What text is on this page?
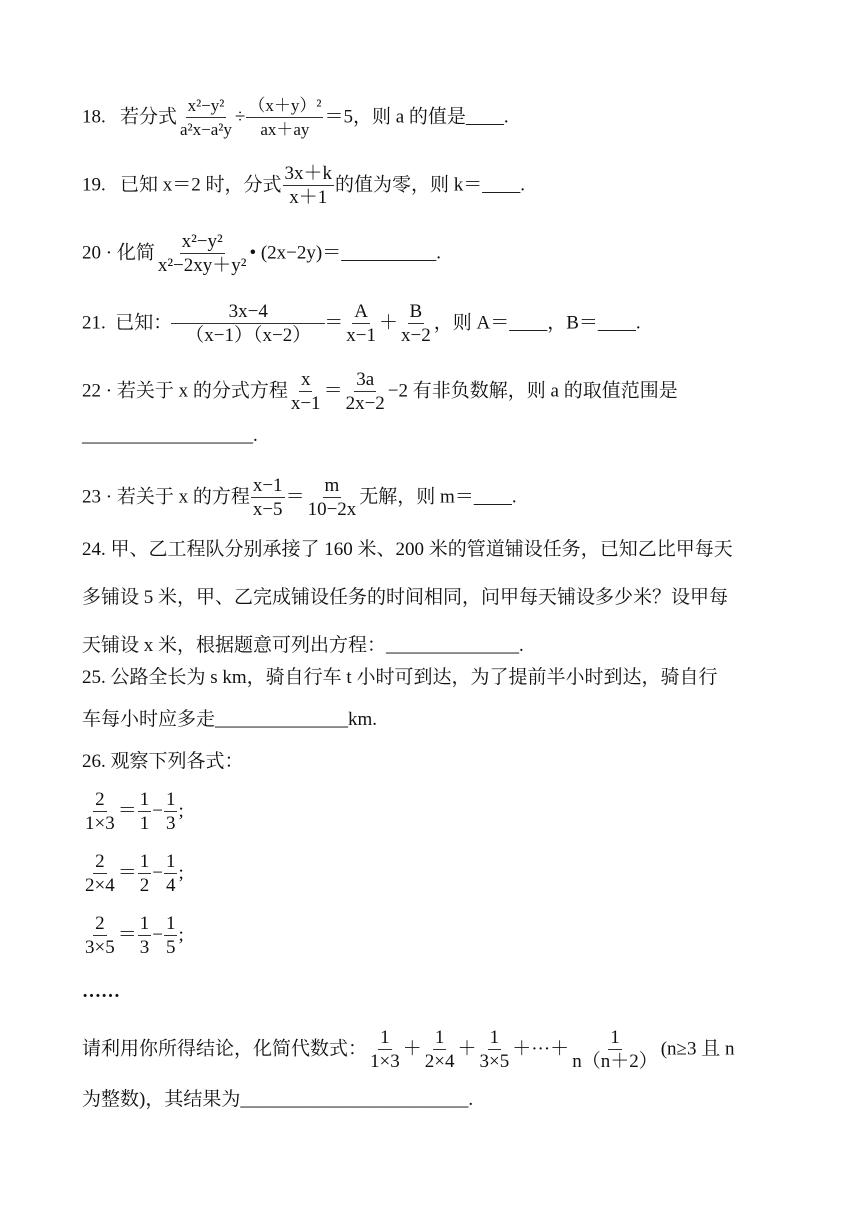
18. 若分式 $\frac{\text{x²−y²}}{\text{a²x−a²y}} \div \frac{\text{（x＋y）²}}{ax+ay} =5$，则 a 的值是____.
19. 已知 x＝2 时，分式 $\frac{3x+k}{x+1}$ 的值为零，则 k＝____.
20 · 化简 $\frac{\text{x²−y²}}{\text{x²−2xy＋y²}}$ • (2x−2y)＝__________.
21. 已知： $\frac{3x-4}{(x-1)(x-2)} = \frac{A}{x-1} + \frac{B}{x-2}$ ，则 A＝____，B＝____.
22 · 若关于 x 的分式方程 $\frac{x}{x-1} = \frac{3a}{2x-2} -2$ 有非负数解，则 a 的取值范围是
__________________.
23 · 若关于 x 的方程 $\frac{x-1}{x-5} = \frac{m}{10-2x}$ 无解，则 m＝____.
24. 甲、乙工程队分别承接了 160 米、200 米的管道铺设任务，已知乙比甲每天
多铺设 5 米，甲、乙完成铺设任务的时间相同，问甲每天铺设多少米？设甲每
天铺设 x 米，根据题意可列出方程：______________.
25. 公路全长为 s km，骑自行车 t 小时可到达，为了提前半小时到达，骑自行
车每小时应多走______________km.
26. 观察下列各式：
$\frac{2}{1\times 3} = \frac{1}{1} - \frac{1}{3}$ ;
$\frac{2}{2\times 4} = \frac{1}{2} - \frac{1}{4}$ ;
$\frac{2}{3\times 5} = \frac{1}{3} - \frac{1}{5}$ ;
……
请利用你所得结论，化简代数式： $\frac{1}{1\times 3} + \frac{1}{2\times 4} + \frac{1}{3\times 5}$ ＋···＋ $\frac{1}{n(n+2)} (n\ge 3$ 且 n
为整数)，其结果为________________________.
